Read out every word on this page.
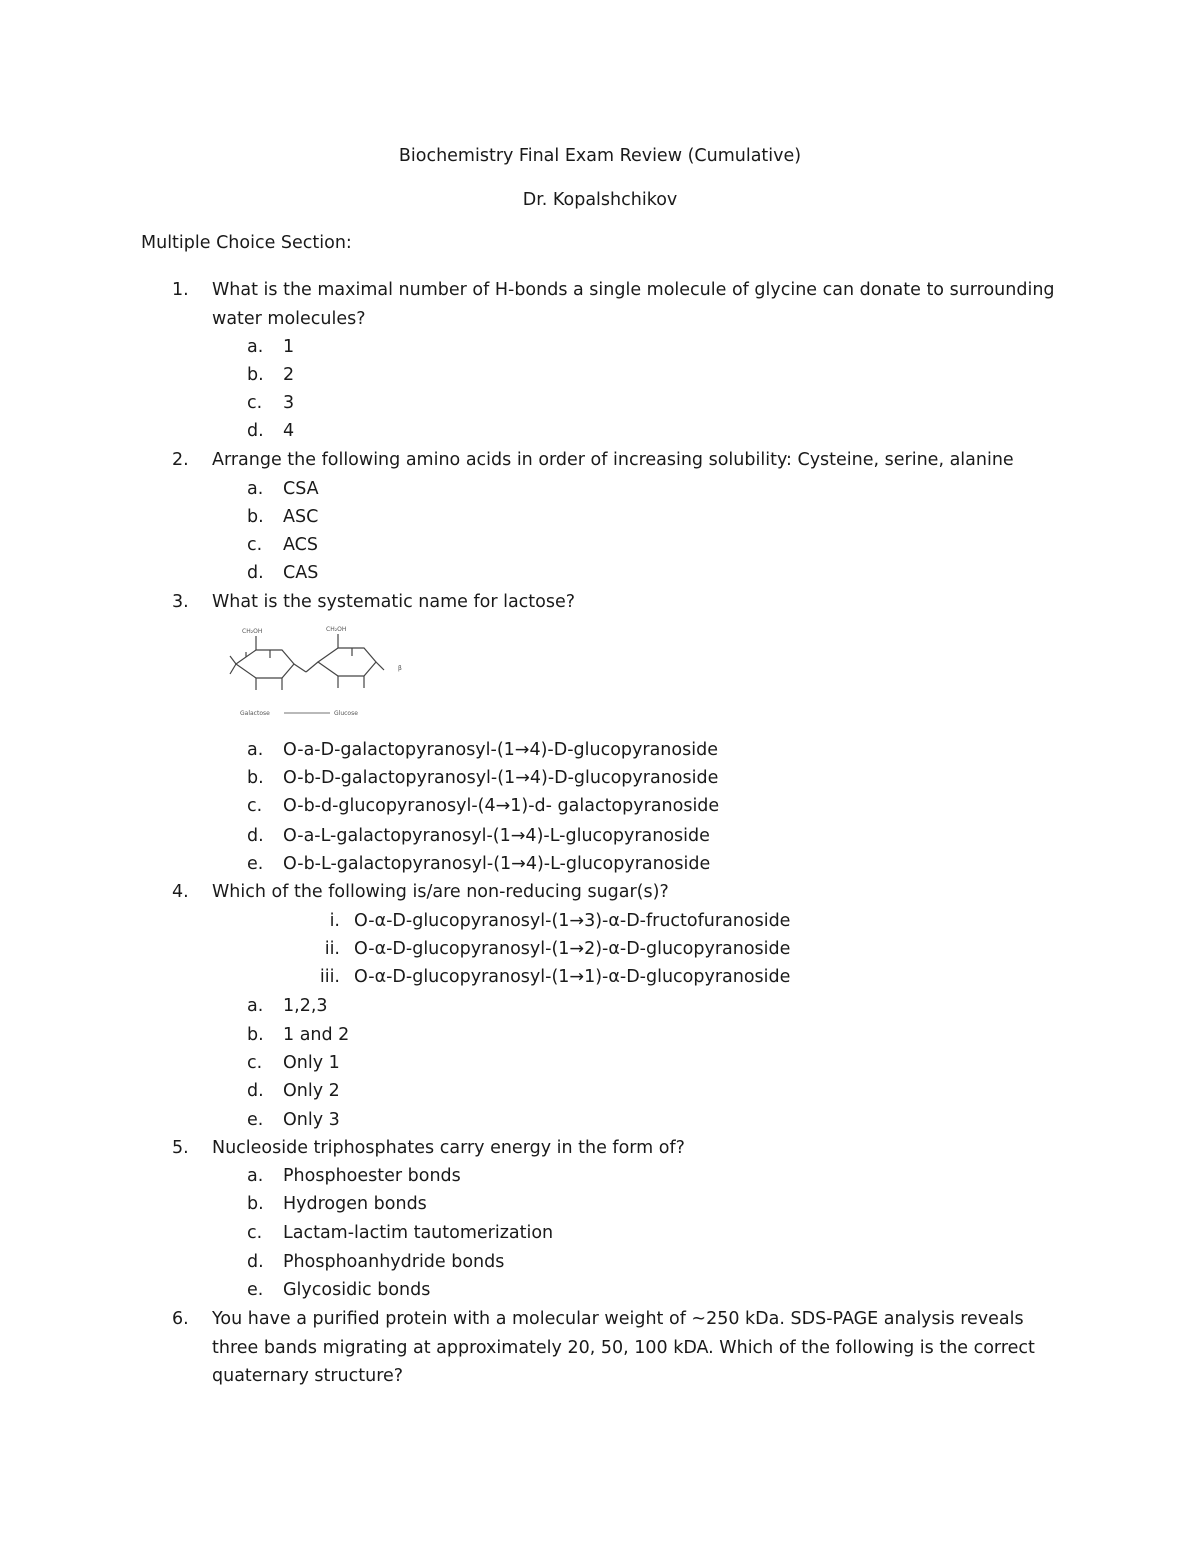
Biochemistry Final Exam Review (Cumulative)
Dr. Kopalshchikov
Multiple Choice Section:
1.	What is the maximal number of H-bonds a single molecule of glycine can donate to surrounding water molecules?
a.	1
b.	2
c.	3
d.	4
2.	Arrange the following amino acids in order of increasing solubility: Cysteine, serine, alanine
a.	CSA
b.	ASC
c.	ACS
d.	CAS
3.	What is the systematic name for lactose?
CH₂OH	CH₂OH
β
Galactose	Glucose
a.	O-a-D-galactopyranosyl-(1→4)-D-glucopyranoside
b.	O-b-D-galactopyranosyl-(1→4)-D-glucopyranoside
c.	O-b-d-glucopyranosyl-(4→1)-d- galactopyranoside
d.	O-a-L-galactopyranosyl-(1→4)-L-glucopyranoside
e.	O-b-L-galactopyranosyl-(1→4)-L-glucopyranoside
4.	Which of the following is/are non-reducing sugar(s)?
i. O-α-D-glucopyranosyl-(1→3)-α-D-fructofuranoside
ii. O-α-D-glucopyranosyl-(1→2)-α-D-glucopyranoside
iii. O-α-D-glucopyranosyl-(1→1)-α-D-glucopyranoside
a.	1,2,3
b.	1 and 2
c.	Only 1
d.	Only 2
e.	Only 3
5.	Nucleoside triphosphates carry energy in the form of?
a.	Phosphoester bonds
b.	Hydrogen bonds
c.	Lactam-lactim tautomerization
d.	Phosphoanhydride bonds
e.	Glycosidic bonds
6.	You have a purified protein with a molecular weight of ~250 kDa. SDS-PAGE analysis reveals three bands migrating at approximately 20, 50, 100 kDA. Which of the following is the correct quaternary structure?
